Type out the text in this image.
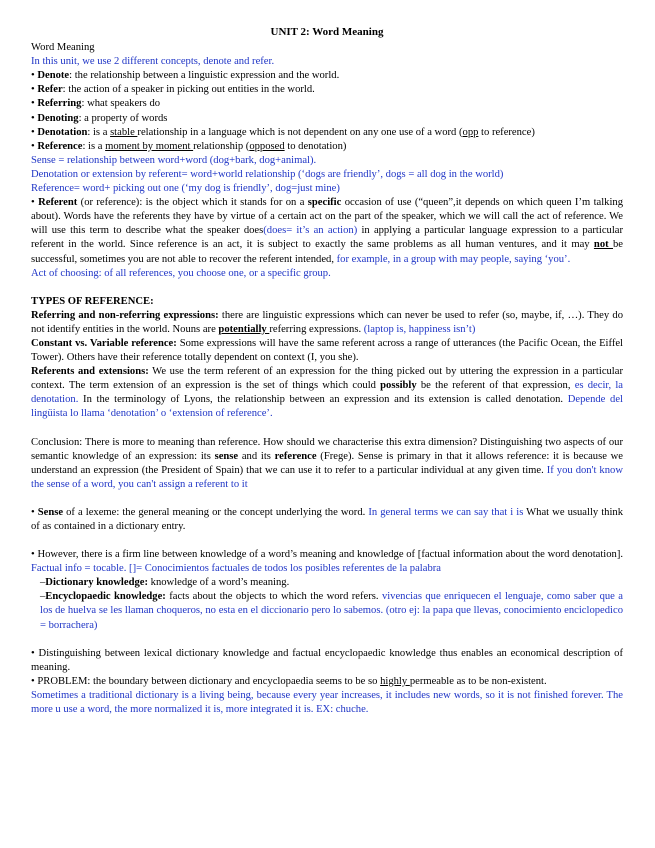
UNIT 2: Word Meaning

Word Meaning

In this unit, we use 2 different concepts, denote and refer.

• Denote: the relationship between a linguistic expression and the world.

• Refer: the action of a speaker in picking out entities in the world.

• Referring: what speakers do

• Denoting: a property of words

• Denotation: is a stable relationship in a language which is not dependent on any one use of a word (opp to reference)

• Reference: is a moment by moment relationship (opposed to denotation)

Sense = relationship between word+word (dog+bark, dog+animal).

Denotation or extension by referent= word+world relationship (‘dogs are friendly’, dogs = all dog in the world)

Reference= word+ picking out one (‘my dog is friendly’, dog=just mine)

• Referent (or reference): is the object which it stands for on a specific occasion of use (“queen”,it depends on which queen I’m talking about). Words have the referents they have by virtue of a certain act on the part of the speaker, which we will call the act of reference. We will use this term to describe what the speaker does(does= it’s an action) in applying a particular language expression to a particular referent in the world. Since reference is an act, it is subject to exactly the same problems as all human ventures, and it may not be successful, sometimes you are not able to recover the referent intended, for example, in a group with may people, saying ‘you’.

Act of choosing: of all references, you choose one, or a specific group.

TYPES OF REFERENCE:

Referring and non-referring expressions: there are linguistic expressions which can never be used to refer (so, maybe, if, …). They do not identify entities in the world. Nouns are potentially referring expressions. (laptop is, happiness isn’t)

Constant vs. Variable reference: Some expressions will have the same referent across a range of utterances (the Pacific Ocean, the Eiffel Tower). Others have their reference totally dependent on context (I, you she).

Referents and extensions: We use the term referent of an expression for the thing picked out by uttering the expression in a particular context. The term extension of an expression is the set of things which could possibly be the referent of that expression, es decir, la denotation. In the terminology of Lyons, the relationship between an expression and its extension is called denotation. Depende del lingüista lo llama ‘denotation’ o ‘extension of reference’.

Conclusion: There is more to meaning than reference. How should we characterise this extra dimension? Distinguishing two aspects of our semantic knowledge of an expression: its sense and its reference (Frege). Sense is primary in that it allows reference: it is because we understand an expression (the President of Spain) that we can use it to refer to a particular individual at any given time. If you don't know the sense of a word, you can't assign a referent to it

• Sense of a lexeme: the general meaning or the concept underlying the word. In general terms we can say that i is What we usually think of as contained in a dictionary entry.

• However, there is a firm line between knowledge of a word’s meaning and knowledge of [factual information about the word denotation]. Factual info = tocable. []= Conocimientos factuales de todos los posibles referentes de la palabra

–Dictionary knowledge: knowledge of a word’s meaning.

–Encyclopaedic knowledge: facts about the objects to which the word refers. vivencias que enriquecen el lenguaje, como saber que a los de huelva se les llaman choqueros, no esta en el diccionario pero lo sabemos. (otro ej: la papa que llevas, conocimiento enciclopedico = borrachera)

• Distinguishing between lexical dictionary knowledge and factual encyclopaedic knowledge thus enables an economical description of meaning.

• PROBLEM: the boundary between dictionary and encyclopaedia seems to be so highly permeable as to be non-existent.

Sometimes a traditional dictionary is a living being, because every year increases, it includes new words, so it is not finished forever. The more u use a word, the more normalized it is, more integrated it is. EX: chuche.
